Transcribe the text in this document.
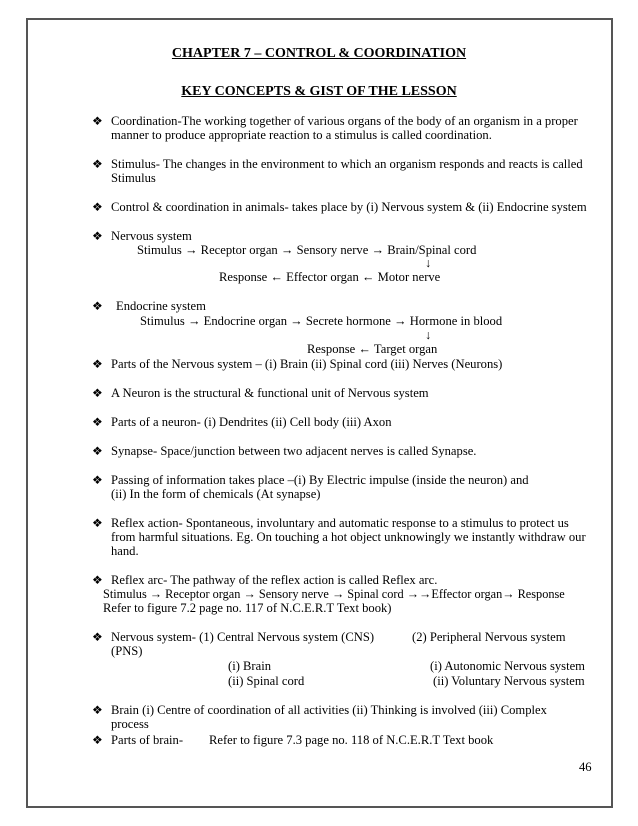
CHAPTER 7 – CONTROL & COORDINATION
KEY CONCEPTS & GIST OF THE LESSON
❖ Coordination-The working together of various organs of the body of an organism in a proper
manner to produce appropriate reaction to a stimulus is called coordination.
❖ Stimulus- The changes in the environment to which an organism responds and reacts is called
Stimulus
❖ Control & coordination in animals- takes place by (i) Nervous system & (ii) Endocrine system
❖ Nervous system
Stimulus → Receptor organ → Sensory nerve → Brain/Spinal cord
↓
Response ← Effector organ ← Motor nerve
❖ Endocrine system
Stimulus → Endocrine organ → Secrete hormone → Hormone in blood
↓
Response ← Target organ
❖ Parts of the Nervous system – (i) Brain (ii) Spinal cord (iii) Nerves (Neurons)
❖ A Neuron is the structural & functional unit of Nervous system
❖ Parts of a neuron- (i) Dendrites (ii) Cell body (iii) Axon
❖ Synapse- Space/junction between two adjacent nerves is called Synapse.
❖ Passing of information takes place –(i) By Electric impulse (inside the neuron) and
(ii) In the form of chemicals (At synapse)
❖ Reflex action- Spontaneous, involuntary and automatic response to a stimulus to protect us
from harmful situations. Eg. On touching a hot object unknowingly we instantly withdraw our
hand.
❖ Reflex arc- The pathway of the reflex action is called Reflex arc.
Stimulus → Receptor organ → Sensory nerve → Spinal cord →→Effector organ→ Response
Refer to figure 7.2 page no. 117 of N.C.E.R.T Text book)
❖ Nervous system- (1) Central Nervous system (CNS)	(2) Peripheral Nervous system
(PNS)
(i) Brain
(ii) Spinal cord
(i) Autonomic Nervous system
(ii) Voluntary Nervous system
❖ Brain (i) Centre of coordination of all activities (ii) Thinking is involved (iii) Complex
process
❖ Parts of brain- Refer to figure 7.3 page no. 118 of N.C.E.R.T Text book
46
